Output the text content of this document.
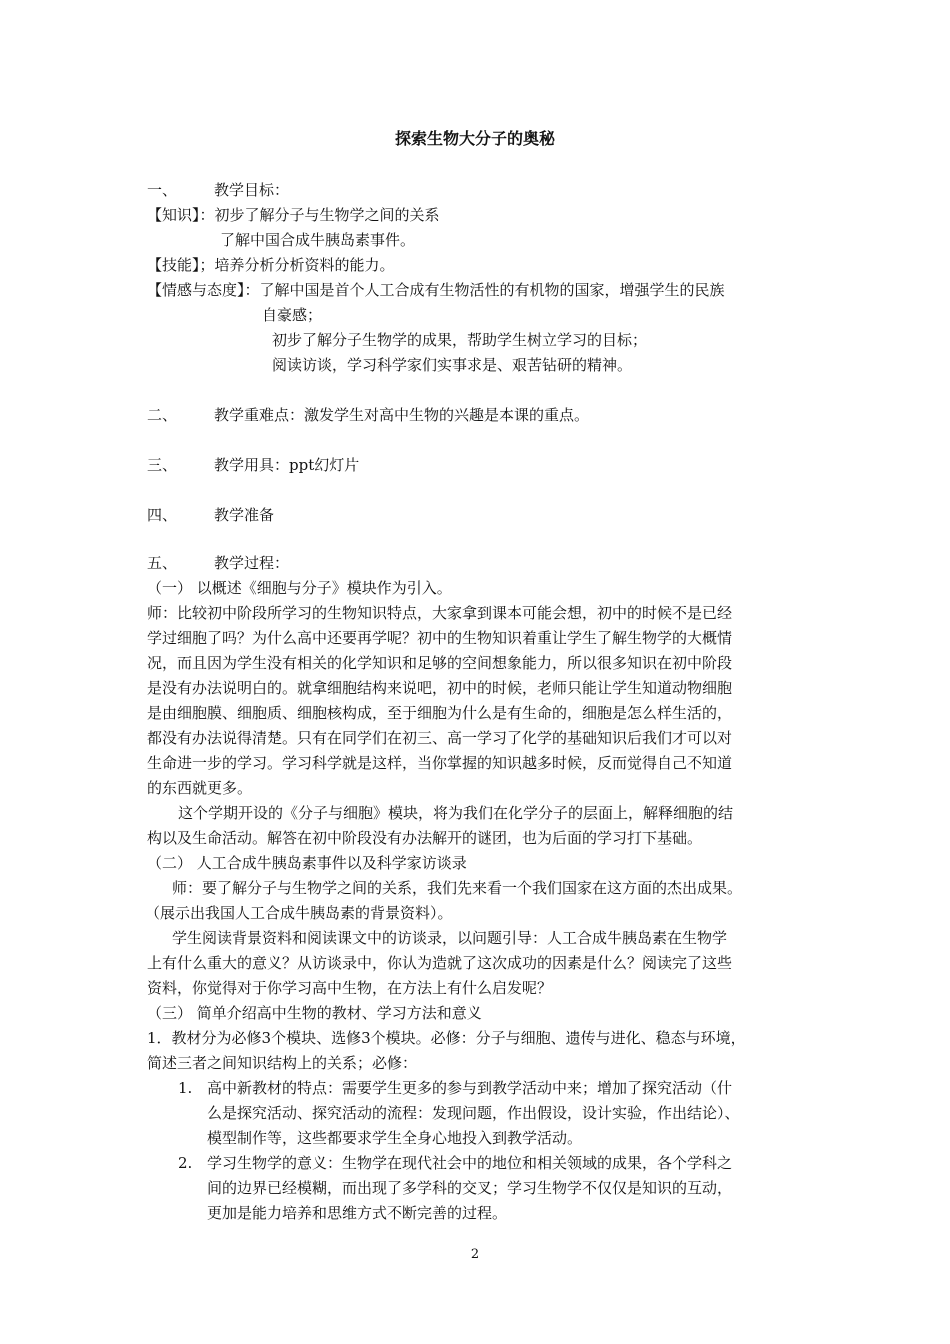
探索生物大分子的奥秘
一、 教学目标：
【知识】：初步了解分子与生物学之间的关系
了解中国合成牛胰岛素事件。
【技能】；培养分析分析资料的能力。
【情感与态度】：了解中国是首个人工合成有生物活性的有机物的国家，增强学生的民族
自豪感；
初步了解分子生物学的成果，帮助学生树立学习的目标；
阅读访谈，学习科学家们实事求是、艰苦钻研的精神。
二、 教学重难点：激发学生对高中生物的兴趣是本课的重点。
三、 教学用具：ppt幻灯片
四、 教学准备
五、 教学过程：
（一） 以概述《细胞与分子》模块作为引入。
师：比较初中阶段所学习的生物知识特点，大家拿到课本可能会想，初中的时候不是已经
学过细胞了吗？为什么高中还要再学呢？初中的生物知识着重让学生了解生物学的大概情
况，而且因为学生没有相关的化学知识和足够的空间想象能力，所以很多知识在初中阶段
是没有办法说明白的。就拿细胞结构来说吧，初中的时候，老师只能让学生知道动物细胞
是由细胞膜、细胞质、细胞核构成，至于细胞为什么是有生命的，细胞是怎么样生活的，
都没有办法说得清楚。只有在同学们在初三、高一学习了化学的基础知识后我们才可以对
生命进一步的学习。学习科学就是这样，当你掌握的知识越多时候，反而觉得自己不知道
的东西就更多。
这个学期开设的《分子与细胞》模块，将为我们在化学分子的层面上，解释细胞的结
构以及生命活动。解答在初中阶段没有办法解开的谜团，也为后面的学习打下基础。
（二） 人工合成牛胰岛素事件以及科学家访谈录
师：要了解分子与生物学之间的关系，我们先来看一个我们国家在这方面的杰出成果。
（展示出我国人工合成牛胰岛素的背景资料）。
学生阅读背景资料和阅读课文中的访谈录，以问题引导：人工合成牛胰岛素在生物学
上有什么重大的意义？从访谈录中，你认为造就了这次成功的因素是什么？阅读完了这些
资料，你觉得对于你学习高中生物，在方法上有什么启发呢？
（三） 简单介绍高中生物的教材、学习方法和意义
1．教材分为必修3个模块、选修3个模块。必修：分子与细胞、遗传与进化、稳态与环境，
简述三者之间知识结构上的关系；必修：
1. 高中新教材的特点：需要学生更多的参与到教学活动中来；增加了探究活动（什
么是探究活动、探究活动的流程：发现问题，作出假设，设计实验，作出结论）、
模型制作等，这些都要求学生全身心地投入到教学活动。
2. 学习生物学的意义：生物学在现代社会中的地位和相关领域的成果，各个学科之
间的边界已经模糊，而出现了多学科的交叉；学习生物学不仅仅是知识的互动，
更加是能力培养和思维方式不断完善的过程。
2
